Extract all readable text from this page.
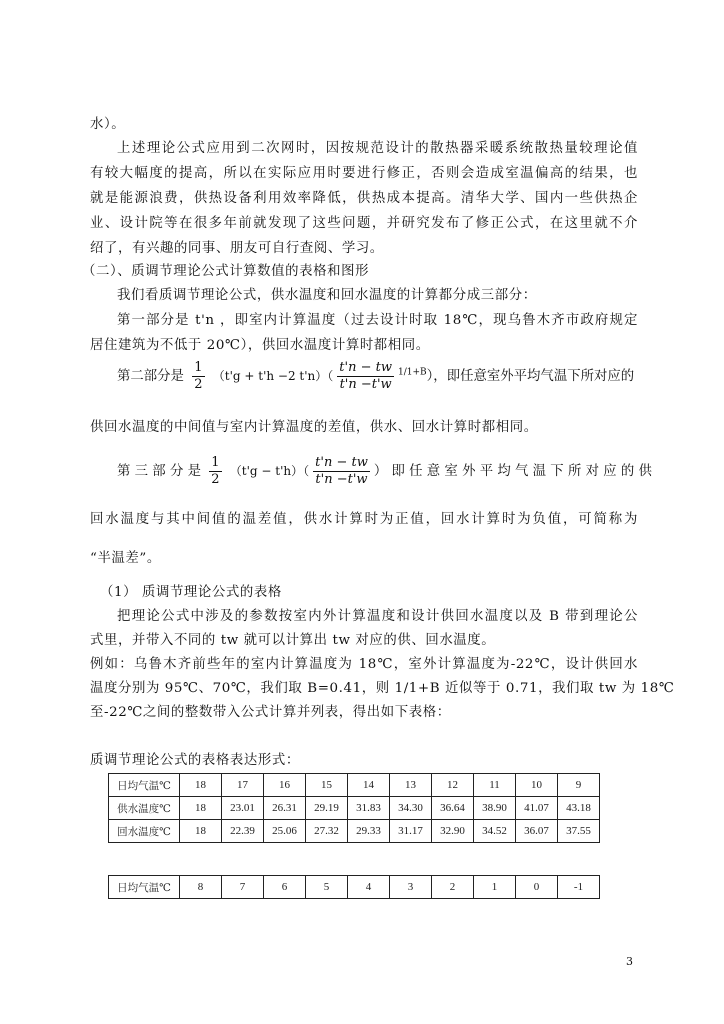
水）。
上述理论公式应用到二次网时，因按规范设计的散热器采暖系统散热量较理论值
有较大幅度的提高，所以在实际应用时要进行修正，否则会造成室温偏高的结果，也
就是能源浪费，供热设备利用效率降低，供热成本提高。清华大学、国内一些供热企
业、设计院等在很多年前就发现了这些问题，并研究发布了修正公式，在这里就不介
绍了，有兴趣的同事、朋友可自行查阅、学习。
（二）、质调节理论公式计算数值的表格和图形
我们看质调节理论公式，供水温度和回水温度的计算都分成三部分：
第一部分是 t'n ，即室内计算温度（过去设计时取 18℃，现乌鲁木齐市政府规定
居住建筑为不低于 20℃），供回水温度计算时都相同。
第二部分是 $\frac{1}{2} (t'g + t'h -2$ $t'n)( \frac{t'n - tw}{t'n -t'w} ^{1/1+B})$，即任意室外平均气温下所对应的
供回水温度的中间值与室内计算温度的差值，供水、回水计算时都相同。
第 三 部 分 是 $\frac{1}{2} (t'g - t'h)( \frac{t'n - tw}{t'n -t'w}$ ） 即 任 意 室 外 平 均 气 温 下 所 对 应 的 供
回水温度与其中间值的温差值，供水计算时为正值，回水计算时为负值，可简称为
“半温差”。
（1） 质调节理论公式的表格
把理论公式中涉及的参数按室内外计算温度和设计供回水温度以及 B 带到理论公
式里，并带入不同的 tw 就可以计算出 tw 对应的供、回水温度。
例如：乌鲁木齐前些年的室内计算温度为 18℃，室外计算温度为-22℃，设计供回水
温度分别为 95℃、70℃，我们取 B=0.41，则 1/1+B 近似等于 0.71，我们取 tw 为 18℃
至-22℃之间的整数带入公式计算并列表，得出如下表格：
质调节理论公式的表格表达形式：
日均气温℃	18	17	16	15	14	13	12	11	10	9
供水温度℃	18	23.01	26.31	29.19	31.83	34.30	36.64	38.90	41.07	43.18
回水温度℃	18	22.39	25.06	27.32	29.33	31.17	32.90	34.52	36.07	37.55
日均气温℃	8	7	6	5	4	3	2	1	0	-1
3
